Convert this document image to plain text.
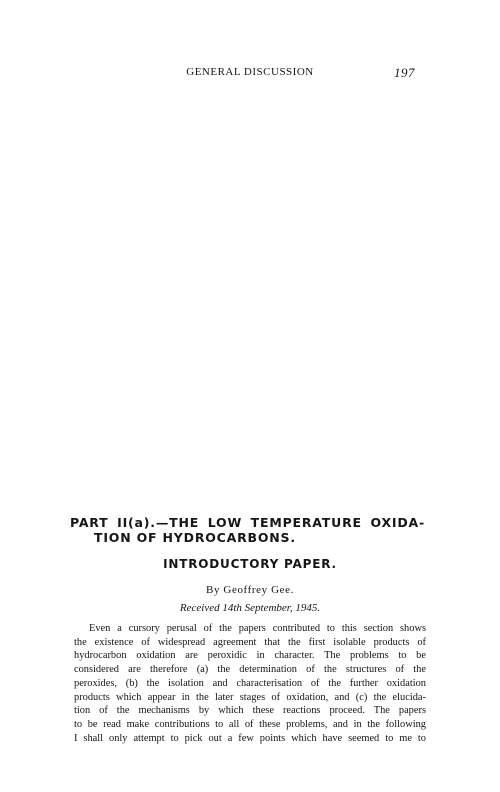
GENERAL DISCUSSION	197
PART II(a).—THE LOW TEMPERATURE OXIDA-
TION OF HYDROCARBONS.
INTRODUCTORY PAPER.
By Geoffrey Gee.
Received 14th September, 1945.
Even a cursory perusal of the papers contributed to this section shows
the existence of widespread agreement that the first isolable products of
hydrocarbon oxidation are peroxidic in character. The problems to be
considered are therefore (a) the determination of the structures of the
peroxides, (b) the isolation and characterisation of the further oxidation
products which appear in the later stages of oxidation, and (c) the elucida-
tion of the mechanisms by which these reactions proceed. The papers
to be read make contributions to all of these problems, and in the following
I shall only attempt to pick out a few points which have seemed to me to
